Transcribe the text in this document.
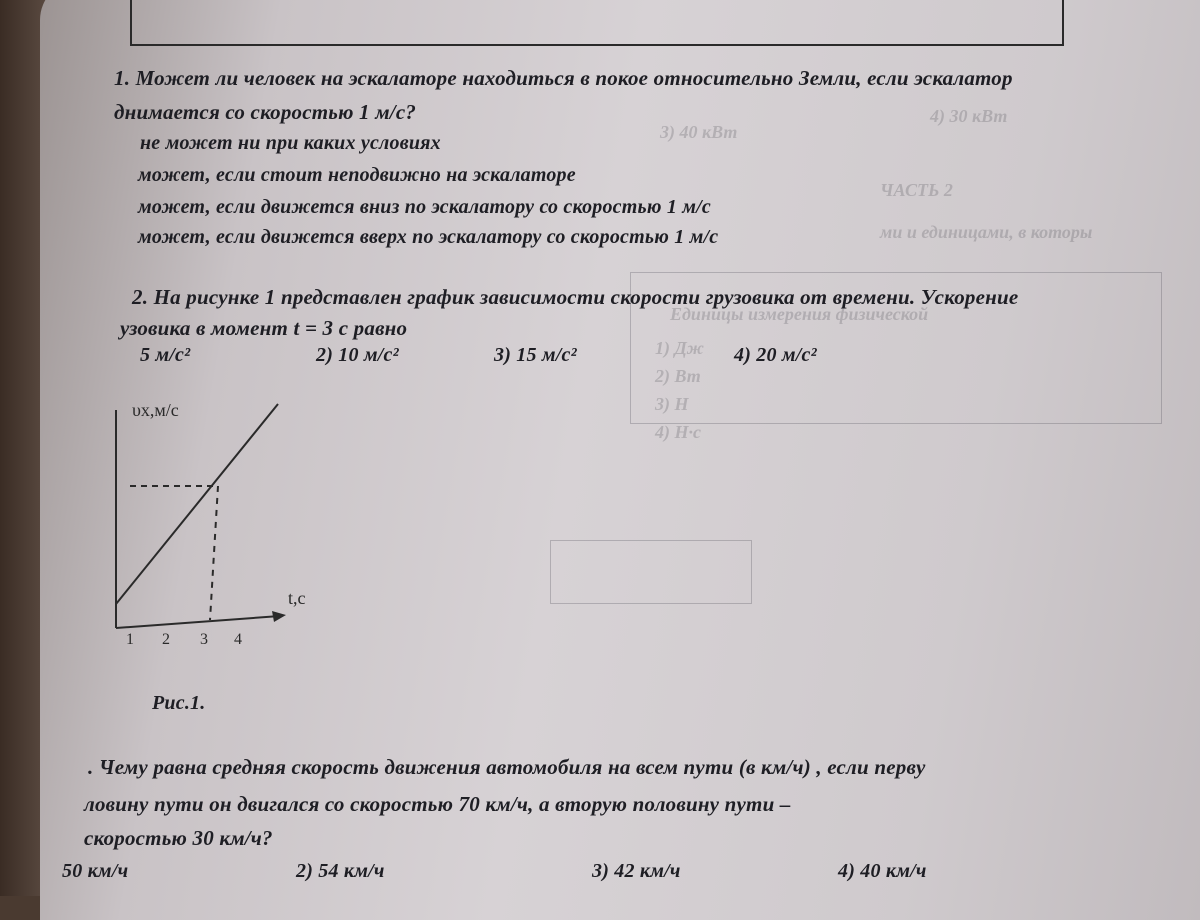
3) 40 кВт
4) 30 кВт
ЧАСТЬ 2
ми и единицами, в которы
Единицы измерения физической
1) Дж
2) Вт
3) Н
4) Н·с
1. Может ли человек на эскалаторе находиться в покое относительно Земли, если эскалатор
днимается со скоростью 1 м/с?
не может ни при каких условиях
может, если стоит неподвижно на эскалаторе
может, если движется вниз по эскалатору со скоростью 1 м/с
может, если движется вверх по эскалатору со скоростью 1 м/с
2. На рисунке 1 представлен график зависимости скорости грузовика от времени. Ускорение
узовика в момент t = 3 с равно
5 м/с²	2) 10 м/с²	3) 15 м/с²	4) 20 м/с²
υx,м/с
t,c
1 2 3 4
Рис.1.
. Чему равна средняя скорость движения автомобиля на всем пути (в км/ч) , если перву
ловину пути он двигался со скоростью 70 км/ч, а вторую половину пути –
скоростью 30 км/ч?
50 км/ч	2) 54 км/ч	3) 42 км/ч	4) 40 км/ч
